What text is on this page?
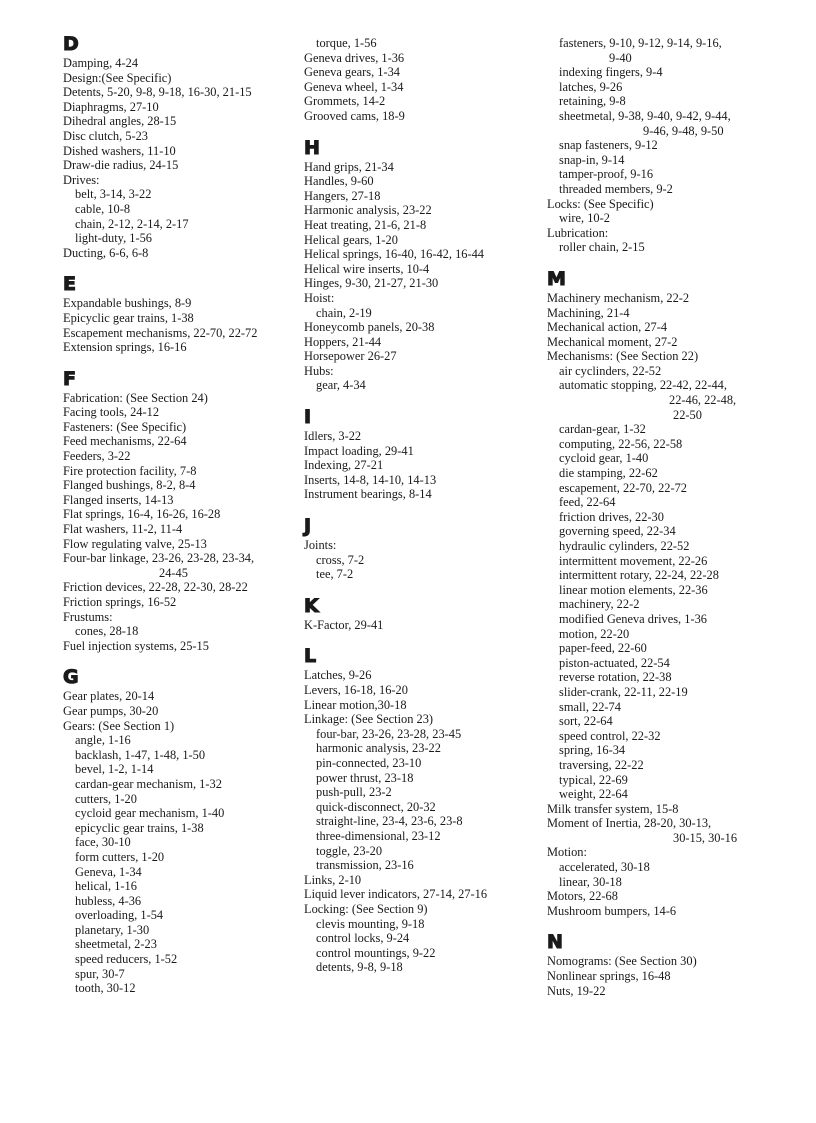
D
Damping, 4-24
Design:(See Specific)
Detents, 5-20, 9-8, 9-18, 16-30, 21-15
Diaphragms, 27-10
Dihedral angles, 28-15
Disc clutch, 5-23
Dished washers, 11-10
Draw-die radius, 24-15
Drives:
belt, 3-14, 3-22
cable, 10-8
chain, 2-12, 2-14, 2-17
light-duty, 1-56
Ducting, 6-6, 6-8
E
Expandable bushings, 8-9
Epicyclic gear trains, 1-38
Escapement mechanisms, 22-70, 22-72
Extension springs, 16-16
F
Fabrication: (See Section 24)
Facing tools, 24-12
Fasteners: (See Specific)
Feed mechanisms, 22-64
Feeders, 3-22
Fire protection facility, 7-8
Flanged bushings, 8-2, 8-4
Flanged inserts, 14-13
Flat springs, 16-4, 16-26, 16-28
Flat washers, 11-2, 11-4
Flow regulating valve, 25-13
Four-bar linkage, 23-26, 23-28, 23-34,
24-45
Friction devices, 22-28, 22-30, 28-22
Friction springs, 16-52
Frustums:
cones, 28-18
Fuel injection systems, 25-15
G
Gear plates, 20-14
Gear pumps, 30-20
Gears: (See Section 1)
angle, 1-16
backlash, 1-47, 1-48, 1-50
bevel, 1-2, 1-14
cardan-gear mechanism, 1-32
cutters, 1-20
cycloid gear mechanism, 1-40
epicyclic gear trains, 1-38
face, 30-10
form cutters, 1-20
Geneva, 1-34
helical, 1-16
hubless, 4-36
overloading, 1-54
planetary, 1-30
sheetmetal, 2-23
speed reducers, 1-52
spur, 30-7
tooth, 30-12
torque, 1-56
Geneva drives, 1-36
Geneva gears, 1-34
Geneva wheel, 1-34
Grommets, 14-2
Grooved cams, 18-9
H
Hand grips, 21-34
Handles, 9-60
Hangers, 27-18
Harmonic analysis, 23-22
Heat treating, 21-6, 21-8
Helical gears, 1-20
Helical springs, 16-40, 16-42, 16-44
Helical wire inserts, 10-4
Hinges, 9-30, 21-27, 21-30
Hoist:
chain, 2-19
Honeycomb panels, 20-38
Hoppers, 21-44
Horsepower 26-27
Hubs:
gear, 4-34
I
Idlers, 3-22
Impact loading, 29-41
Indexing, 27-21
Inserts, 14-8, 14-10, 14-13
Instrument bearings, 8-14
J
Joints:
cross, 7-2
tee, 7-2
K
K-Factor, 29-41
L
Latches, 9-26
Levers, 16-18, 16-20
Linear motion,30-18
Linkage: (See Section 23)
four-bar, 23-26, 23-28, 23-45
harmonic analysis, 23-22
pin-connected, 23-10
power thrust, 23-18
push-pull, 23-2
quick-disconnect, 20-32
straight-line, 23-4, 23-6, 23-8
three-dimensional, 23-12
toggle, 23-20
transmission, 23-16
Links, 2-10
Liquid lever indicators, 27-14, 27-16
Locking: (See Section 9)
clevis mounting, 9-18
control locks, 9-24
control mountings, 9-22
detents, 9-8, 9-18
fasteners, 9-10, 9-12, 9-14, 9-16,
9-40
indexing fingers, 9-4
latches, 9-26
retaining, 9-8
sheetmetal, 9-38, 9-40, 9-42, 9-44,
9-46, 9-48, 9-50
snap fasteners, 9-12
snap-in, 9-14
tamper-proof, 9-16
threaded members, 9-2
Locks: (See Specific)
wire, 10-2
Lubrication:
roller chain, 2-15
M
Machinery mechanism, 22-2
Machining, 21-4
Mechanical action, 27-4
Mechanical moment, 27-2
Mechanisms: (See Section 22)
air cyclinders, 22-52
automatic stopping, 22-42, 22-44,
22-46, 22-48,
22-50
cardan-gear, 1-32
computing, 22-56, 22-58
cycloid gear, 1-40
die stamping, 22-62
escapement, 22-70, 22-72
feed, 22-64
friction drives, 22-30
governing speed, 22-34
hydraulic cylinders, 22-52
intermittent movement, 22-26
intermittent rotary, 22-24, 22-28
linear motion elements, 22-36
machinery, 22-2
modified Geneva drives, 1-36
motion, 22-20
paper-feed, 22-60
piston-actuated, 22-54
reverse rotation, 22-38
slider-crank, 22-11, 22-19
small, 22-74
sort, 22-64
speed control, 22-32
spring, 16-34
traversing, 22-22
typical, 22-69
weight, 22-64
Milk transfer system, 15-8
Moment of Inertia, 28-20, 30-13,
30-15, 30-16
Motion:
accelerated, 30-18
linear, 30-18
Motors, 22-68
Mushroom bumpers, 14-6
N
Nomograms: (See Section 30)
Nonlinear springs, 16-48
Nuts, 19-22
